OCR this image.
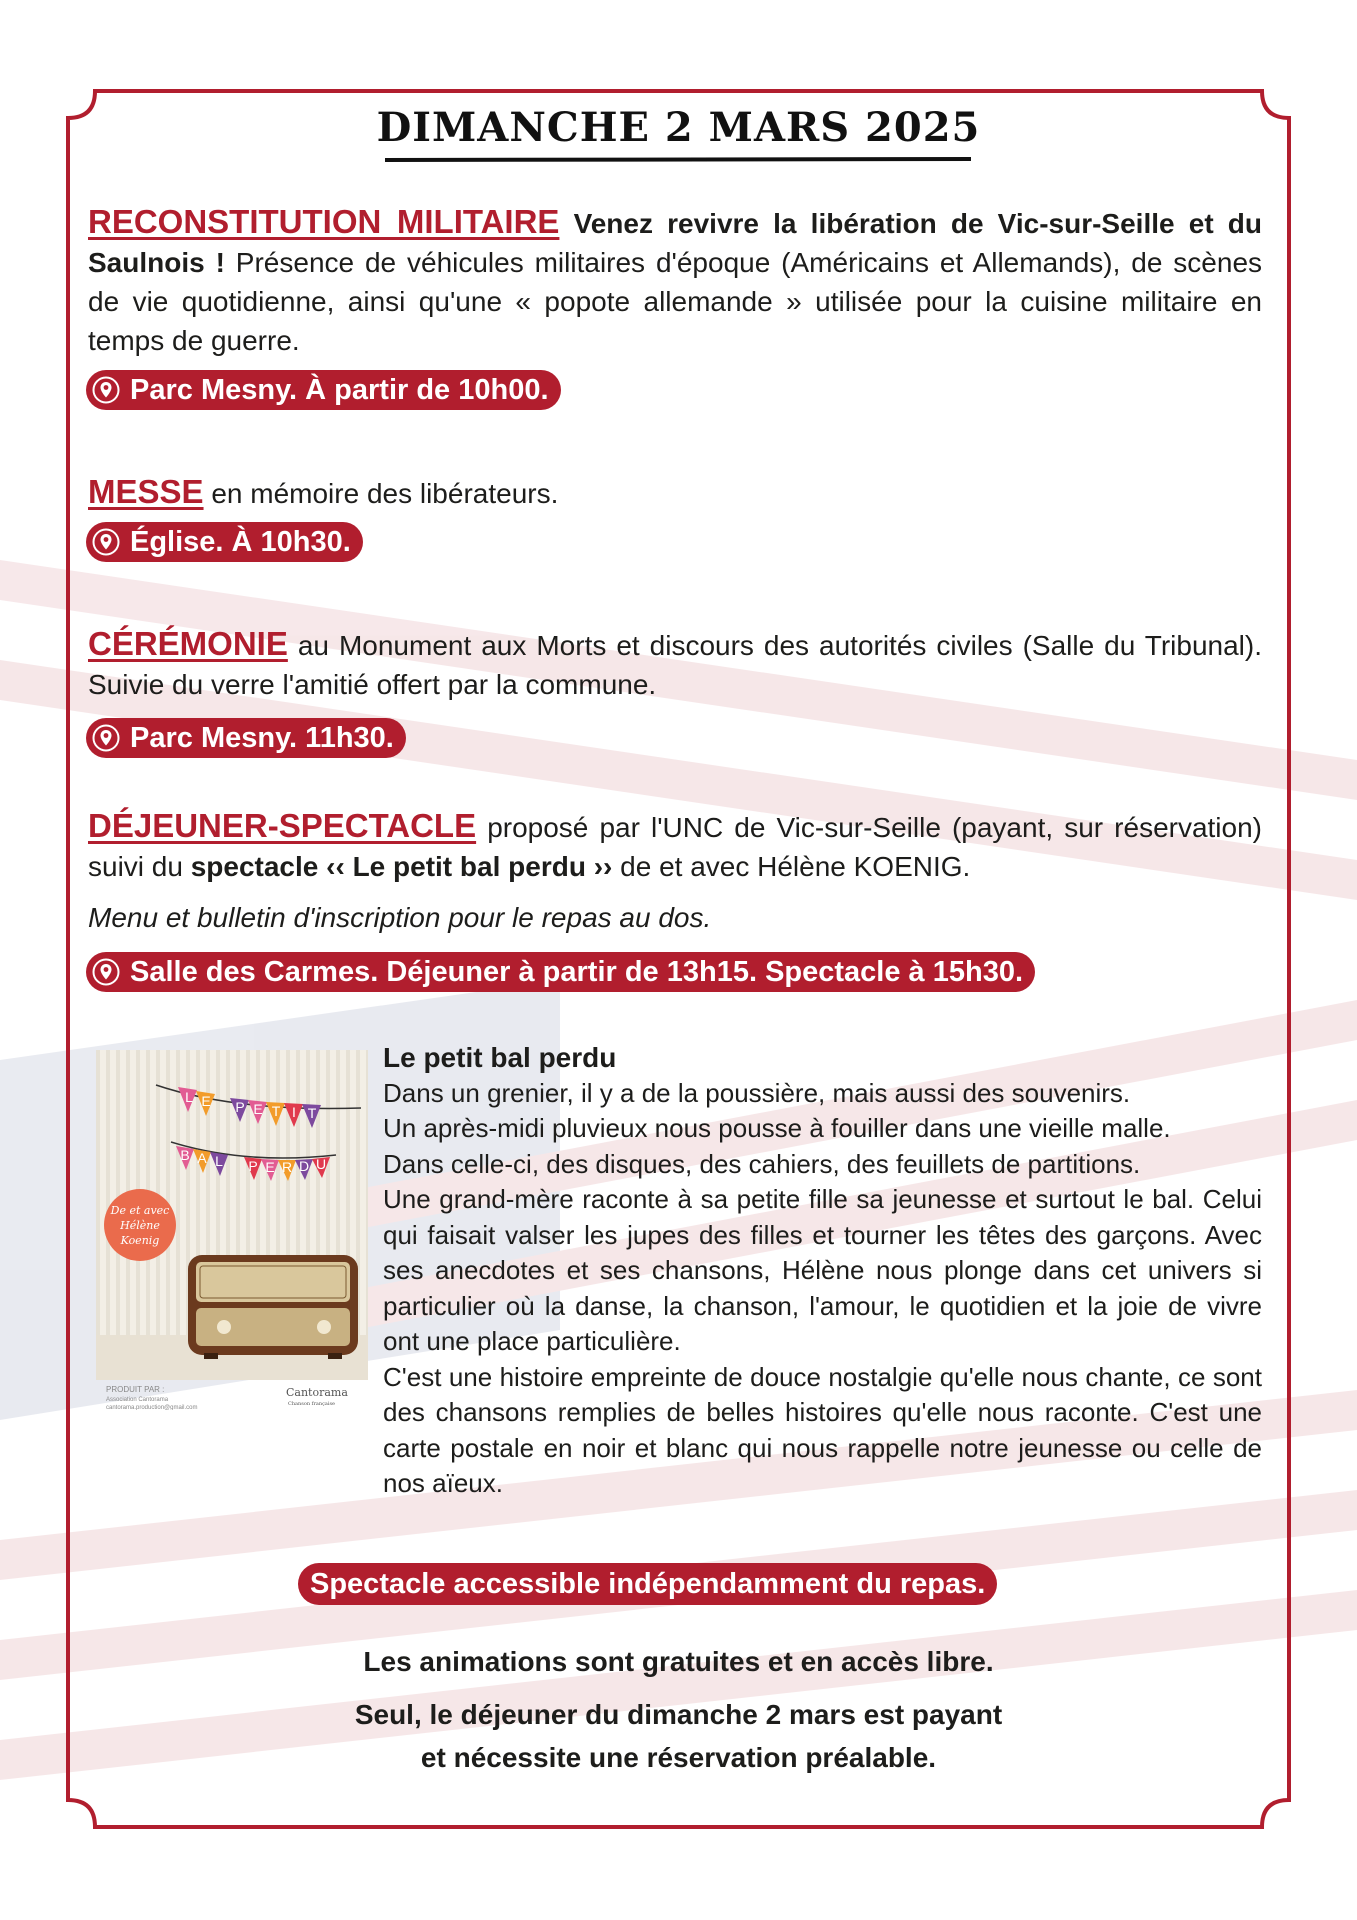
DIMANCHE 2 MARS 2025

RECONSTITUTION MILITAIRE Venez revivre la libération de Vic-sur-Seille et du Saulnois ! Présence de véhicules militaires d'époque (Américains et Allemands), de scènes de vie quotidienne, ainsi qu'une « popote allemande » utilisée pour la cuisine militaire en temps de guerre.

Parc Mesny. À partir de 10h00.

MESSE en mémoire des libérateurs.

Église. À 10h30.

CÉRÉMONIE au Monument aux Morts et discours des autorités civiles (Salle du Tribunal). Suivie du verre l'amitié offert par la commune.

Parc Mesny. 11h30.

DÉJEUNER-SPECTACLE proposé par l'UNC de Vic-sur-Seille (payant, sur réservation) suivi du spectacle ‹‹ Le petit bal perdu ›› de et avec Hélène KOENIG.

Menu et bulletin d'inscription pour le repas au dos.
Salle des Carmes. Déjeuner à partir de 13h15. Spectacle à 15h30.
L E P E T I T
B A L P E R D U
De et avec
Hélène
Koenig
PRODUIT PAR :
Association Cantorama
cantorama.production@gmail.com
Cantorama
Chanson française

Le petit bal perdu

Dans un grenier, il y a de la poussière, mais aussi des souvenirs.

Un après-midi pluvieux nous pousse à fouiller dans une vieille malle.

Dans celle-ci, des disques, des cahiers, des feuillets de partitions.

Une grand-mère raconte à sa petite fille sa jeunesse et surtout le bal. Celui qui faisait valser les jupes des filles et tourner les têtes des garçons. Avec ses anecdotes et ses chansons, Hélène nous plonge dans cet univers si particulier où la danse, la chanson, l'amour, le quotidien et la joie de vivre ont une place particulière.

C'est une histoire empreinte de douce nostalgie qu'elle nous chante, ce sont des chansons remplies de belles histoires qu'elle nous raconte. C'est une carte postale en noir et blanc qui nous rappelle notre jeunesse ou celle de nos aïeux.

Spectacle accessible indépendamment du repas.

Les animations sont gratuites et en accès libre.

Seul, le déjeuner du dimanche 2 mars est payant

et nécessite une réservation préalable.
